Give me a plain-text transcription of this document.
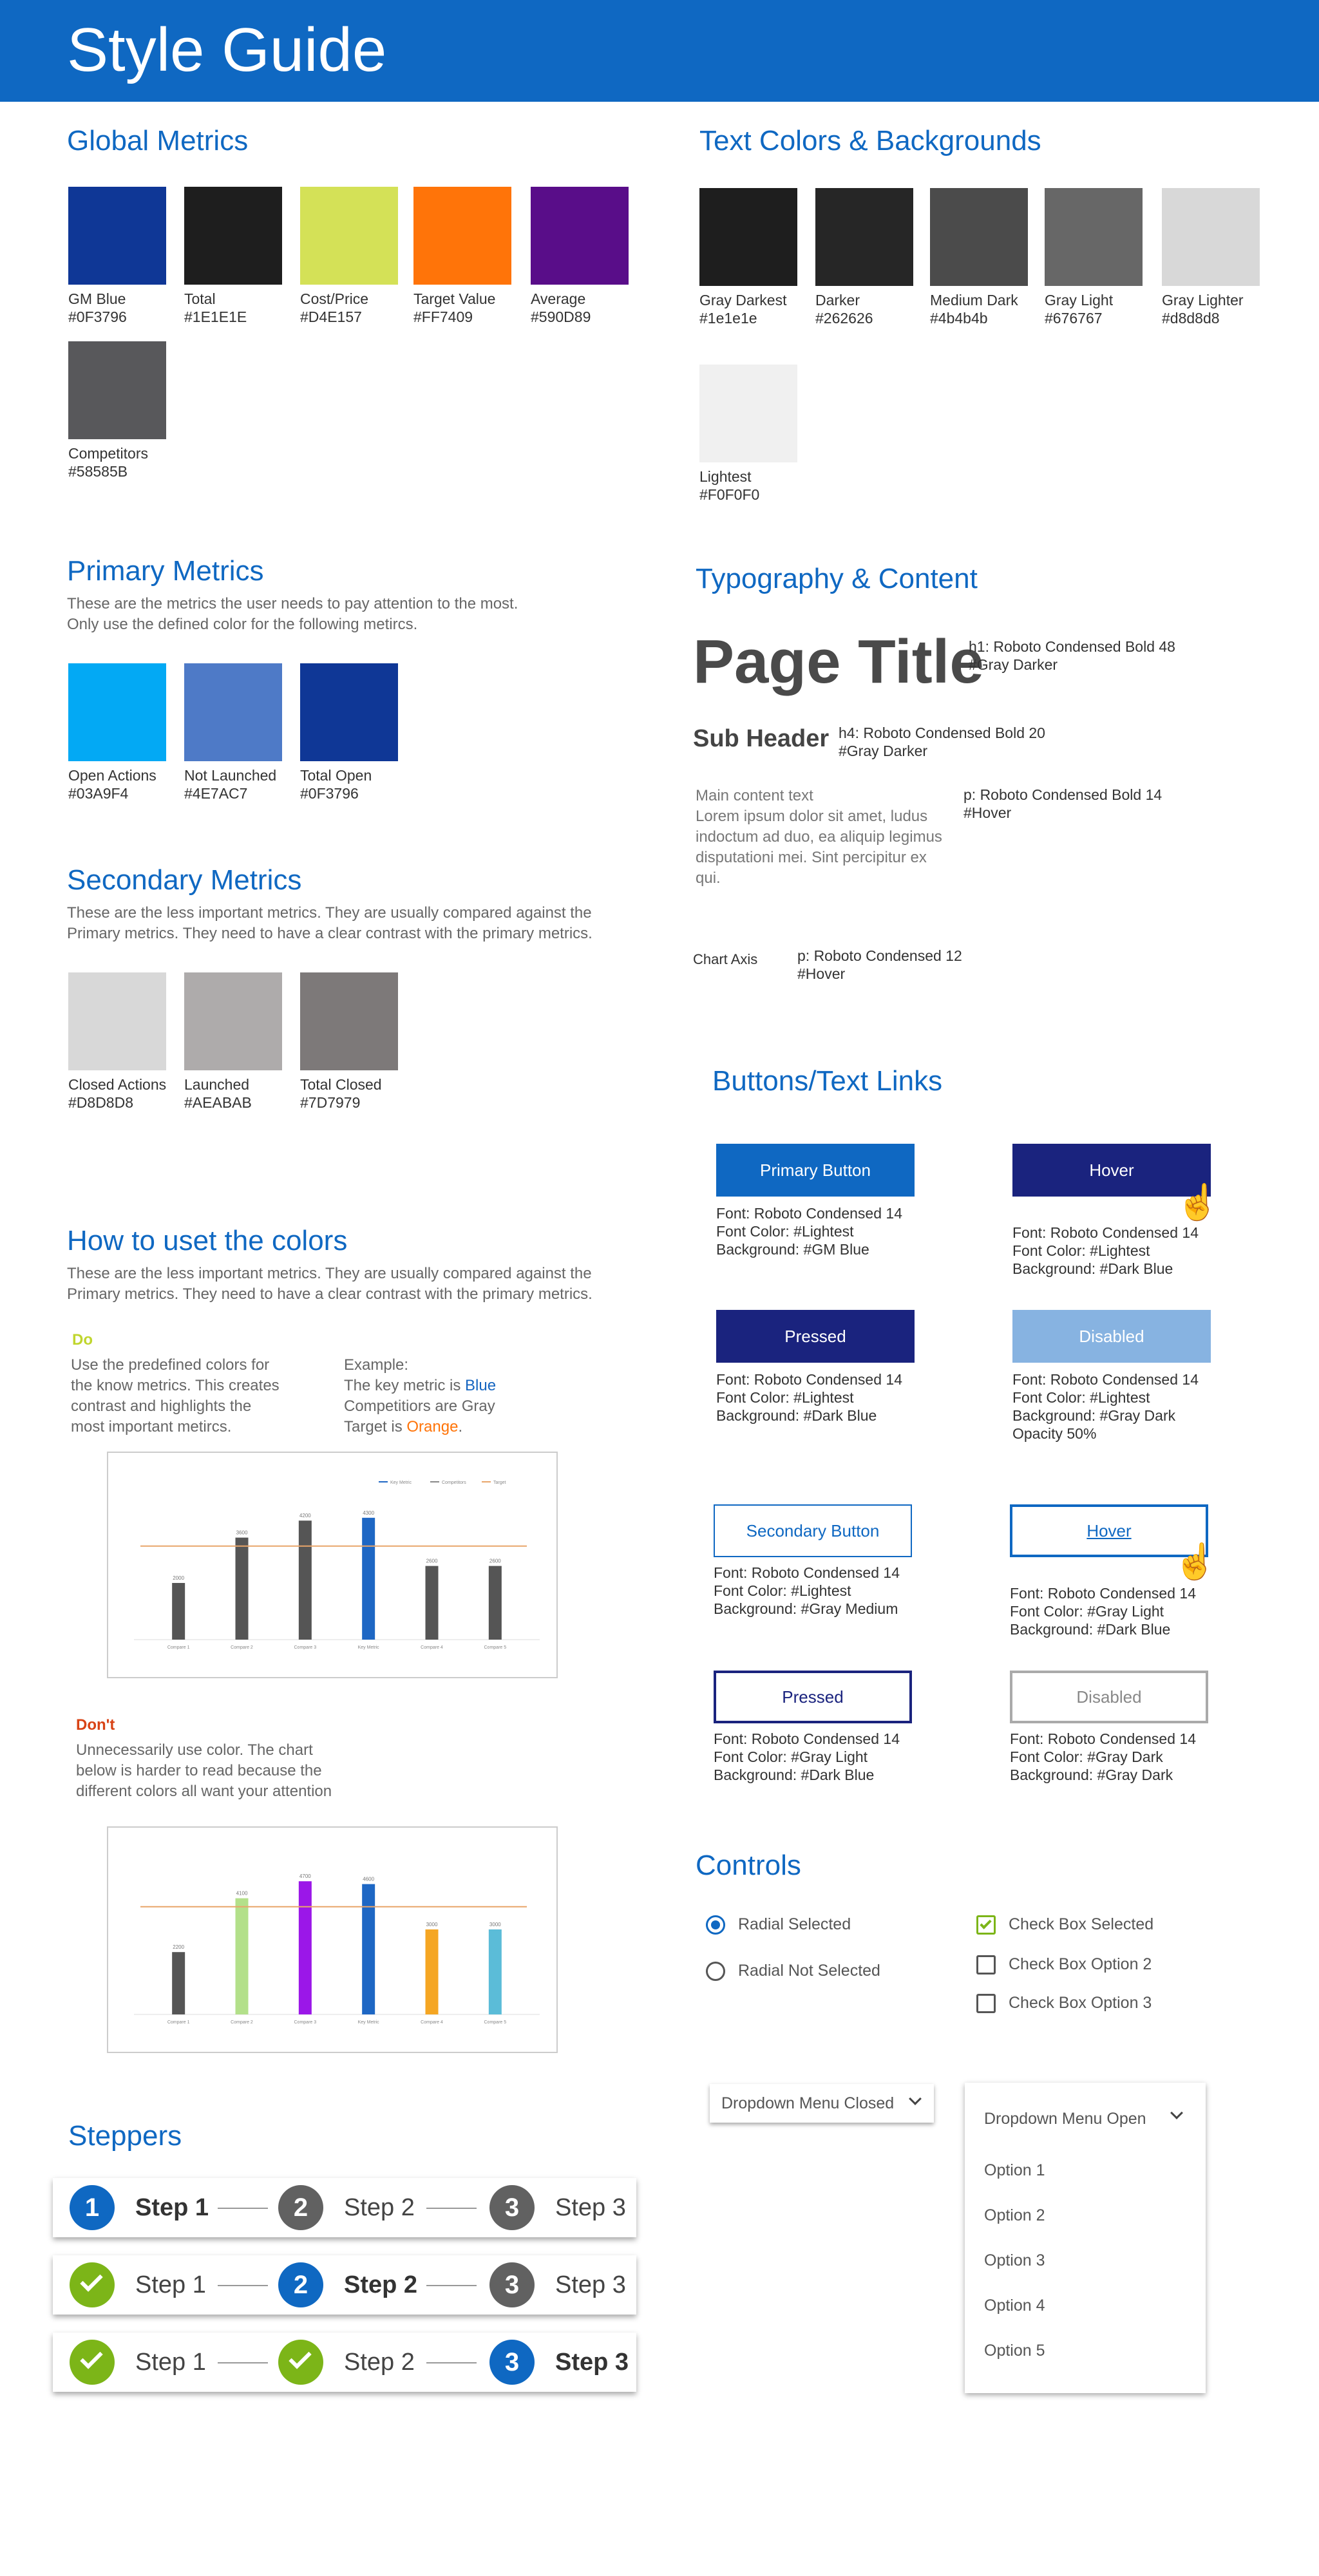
Style Guide
Global Metrics
GM Blue
#0F3796
Total
#1E1E1E
Cost/Price
#D4E157
Target Value
#FF7409
Average
#590D89
Competitors
#58585B
Text Colors & Backgrounds
Gray Darkest
#1e1e1e
Darker
#262626
Medium Dark
#4b4b4b
Gray Light
#676767
Gray Lighter
#d8d8d8
Lightest
#F0F0F0
Primary Metrics
These are the metrics the user needs to pay attention to the most.
Only use the defined color for the following metircs.
Open Actions
#03A9F4
Not Launched
#4E7AC7
Total Open
#0F3796
Secondary Metrics
These are the less important metrics. They are usually compared against the
Primary metrics. They need to have a clear contrast with the primary metrics.
Closed Actions
#D8D8D8
Launched
#AEABAB
Total Closed
#7D7979
Typography & Content
Page Title
h1: Roboto Condensed Bold 48
#Gray Darker
Sub Header h4: Roboto Condensed Bold 20
#Gray Darker
Main content text
Lorem ipsum dolor sit amet, ludus
indoctum ad duo, ea aliquip legimus
disputationi mei. Sint percipitur ex
qui.
p: Roboto Condensed Bold 14
#Hover
Chart Axis	p: Roboto Condensed 12
#Hover
How to uset the colors
These are the less important metrics. They are usually compared against the
Primary metrics. They need to have a clear contrast with the primary metrics.
Do
Use the predefined colors for
the know metrics. This creates
contrast and highlights the
most important metircs.
Example:
The key metric is Blue
Competitiors are Gray
Target is Orange.
2000
Compare 1
3600
Compare 2
4200
Compare 3
4300
Key Metric
2600
Compare 4
2600
Compare 5
Key Metric	Competitors	Target
Don't
Unnecessarily use color. The chart
below is harder to read because the
different colors all want your attention
2200
Compare 1
4100
Compare 2
4700
Compare 3
4600
Key Metric
3000
Compare 4
3000
Compare 5
Buttons/Text Links
Primary Button
Font: Roboto Condensed 14
Font Color: #Lightest
Background: #GM Blue
Hover
☝
Font: Roboto Condensed 14
Font Color: #Lightest
Background: #Dark Blue
Pressed
Font: Roboto Condensed 14
Font Color: #Lightest
Background: #Dark Blue
Disabled
Font: Roboto Condensed 14
Font Color: #Lightest
Background: #Gray Dark
Opacity 50%
Secondary Button
Font: Roboto Condensed 14
Font Color: #Lightest
Background: #Gray Medium
Hover
☝
Font: Roboto Condensed 14
Font Color: #Gray Light
Background: #Dark Blue
Pressed
Font: Roboto Condensed 14
Font Color: #Gray Light
Background: #Dark Blue
Disabled
Font: Roboto Condensed 14
Font Color: #Gray Dark
Background: #Gray Dark
Controls
Radial Selected
Radial Not Selected
Check Box Selected
Check Box Option 2
Check Box Option 3
Dropdown Menu Closed
Dropdown Menu Open
Option 1
Option 2
Option 3
Option 4
Option 5
Steppers
1	Step 1	2	Step 2	3	Step 3
Step 1	2	Step 2	3	Step 3
Step 1	Step 2	3	Step 3
